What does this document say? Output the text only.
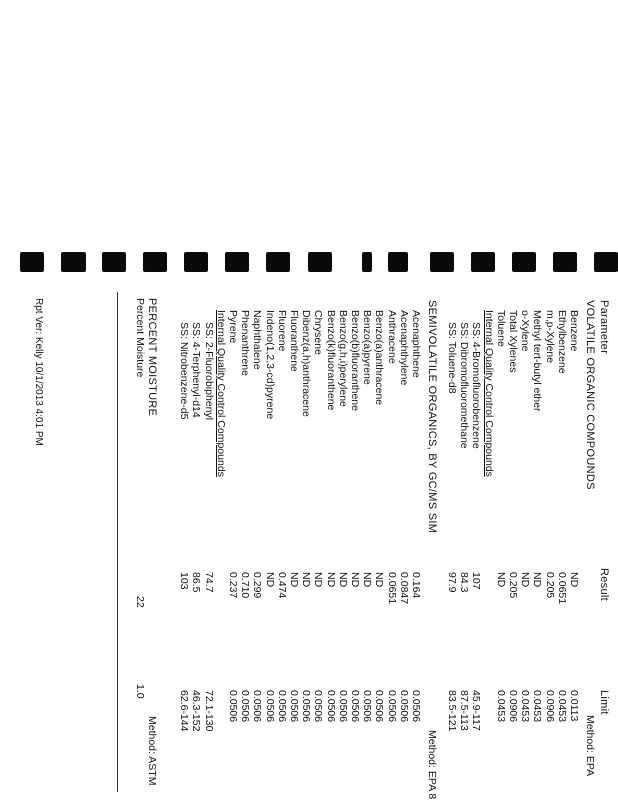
Parameter
Result
Limit
VOLATILE ORGANIC COMPOUNDS
Method: EPA
Benzene
ND
0.0113
Ethylbenzene
0.0651
0.0453
m,p-Xylene
0.205
0.0906
Methyl tert-butyl ether
ND
0.0453
o-Xylene
ND
0.0453
Total Xylenes
0.205
0.0906
Toluene
ND
0.0453
Internal Quality Control Compounds
SS: 4-Bromofluorobenzene
107
45.9-117
SS: Dibromofluoromethane
84.3
87.5-113
SS: Toluene-d8
97.9
83.5-121
SEMIVOLATILE ORGANICS, BY GC/MS SIM
Method: EPA 8
Acenaphthene
0.164
0.0506
Acenaphthylene
0.0847
0.0506
Anthracene
0.0651
0.0506
Benzo(a)anthracene
ND
0.0506
Benzo(a)pyrene
ND
0.0506
Benzo(b)fluoranthene
ND
0.0506
Benzo(g,h,i)perylene
ND
0.0506
Benzo(k)fluoranthene
ND
0.0506
Chrysene
ND
0.0506
Dibenz(a,h)anthracene
ND
0.0506
Fluoranthene
ND
0.0506
Fluorene
0.474
0.0506
Indeno(1,2,3-cd)pyrene
ND
0.0506
Naphthalene
0.299
0.0506
Phenanthrene
0.710
0.0506
Pyrene
0.237
0.0506
Internal Quality Control Compounds
SS: 2-Fluorobiphenyl
74.7
72.1-130
SS: 4-Terphenyl-d14
86.5
46.3-152
SS: Nitrobenzene-d5
103
62.6-144
PERCENT MOISTURE
Method: ASTM
Percent Moisture
22
1.0
Rpt Ver: Kelly 10/1/2013 4:01 PM
